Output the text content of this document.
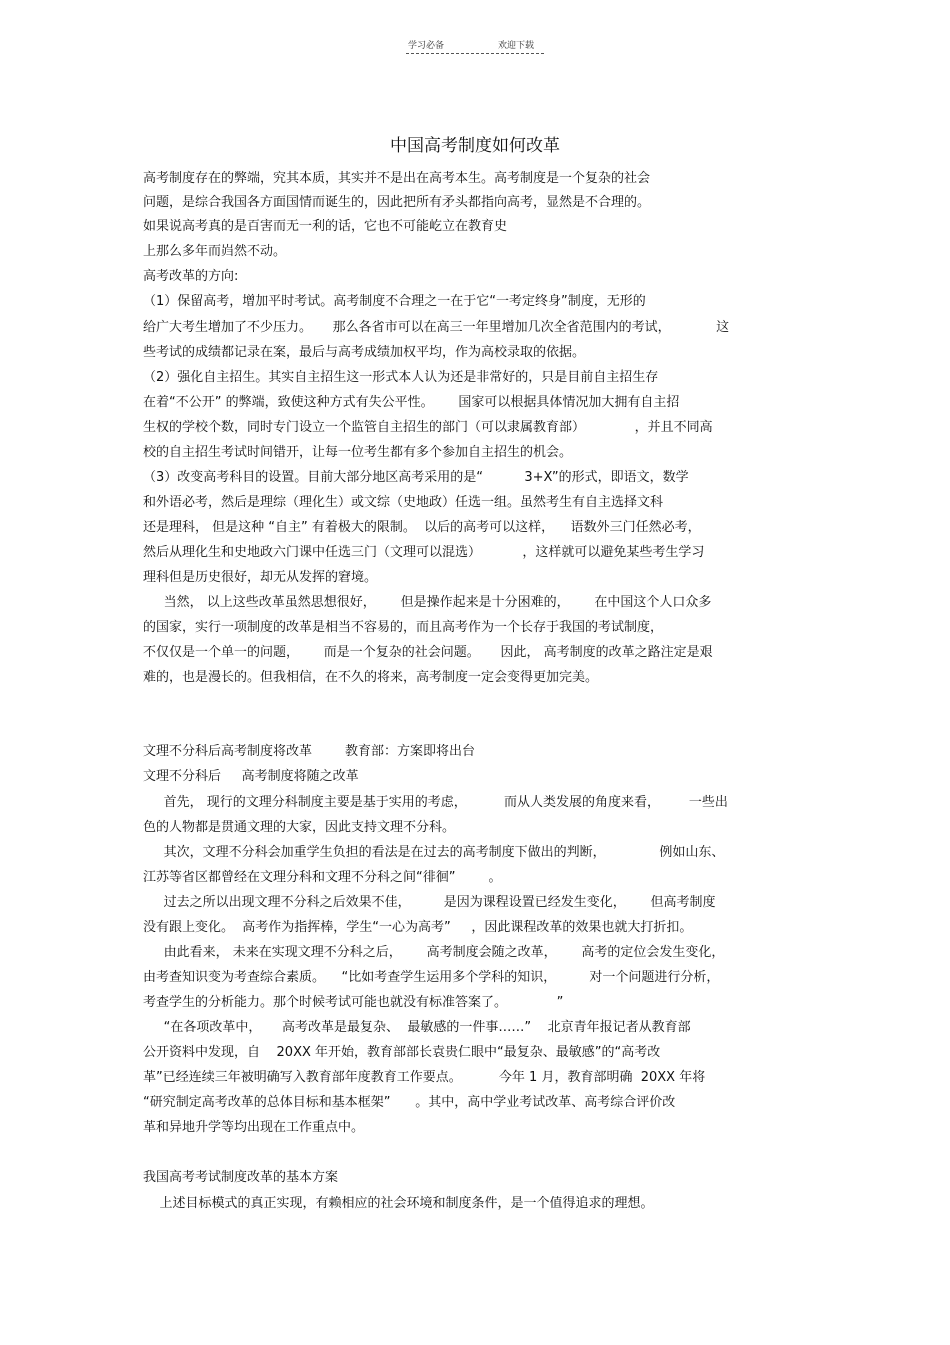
学习必备	欢迎下载
中国高考制度如何改革
高考制度存在的弊端，究其本质，其实并不是出在高考本生。高考制度是一个复杂的社会
问题，是综合我国各方面国情而诞生的，因此把所有矛头都指向高考，显然是不合理的。
如果说高考真的是百害而无一利的话，它也不可能屹立在教育史
上那么多年而岿然不动。
高考改革的方向:
（1）保留高考，增加平时考试。高考制度不合理之一在于它“一考定终身”制度，无形的
给广大考生增加了不少压力。     那么各省市可以在高三一年里增加几次全省范围内的考试，           这
些考试的成绩都记录在案，最后与高考成绩加权平均，作为高校录取的依据。
（2）强化自主招生。其实自主招生这一形式本人认为还是非常好的，只是目前自主招生存
在着“不公开” 的弊端，致使这种方式有失公平性。      国家可以根据具体情况加大拥有自主招
生权的学校个数，同时专门设立一个监管自主招生的部门（可以隶属教育部）            ，并且不同高
校的自主招生考试时间错开，让每一位考生都有多个参加自主招生的机会。
（3）改变高考科目的设置。目前大部分地区高考采用的是“          3+X”的形式，即语文，数学
和外语必考，然后是理综（理化生）或文综（史地政）任选一组。虽然考生有自主选择文科
还是理科， 但是这种 “自主” 有着极大的限制。  以后的高考可以这样，    语数外三门任然必考，
然后从理化生和史地政六门课中任选三门（文理可以混选）          ，这样就可以避免某些考生学习
理科但是历史很好，却无从发挥的窘境。
当然， 以上这些改革虽然思想很好，      但是操作起来是十分困难的，      在中国这个人口众多
的国家，实行一项制度的改革是相当不容易的，而且高考作为一个长存于我国的考试制度，
不仅仅是一个单一的问题，      而是一个复杂的社会问题。     因此， 高考制度的改革之路注定是艰
难的，也是漫长的。但我相信，在不久的将来，高考制度一定会变得更加完美。
文理不分科后高考制度将改革        教育部：方案即将出台
文理不分科后     高考制度将随之改革
首先， 现行的文理分科制度主要是基于实用的考虑，         而从人类发展的角度来看，       一些出
色的人物都是贯通文理的大家，因此支持文理不分科。
其次，文理不分科会加重学生负担的看法是在过去的高考制度下做出的判断，             例如山东、
江苏等省区都曾经在文理分科和文理不分科之间“徘徊”        。
过去之所以出现文理不分科之后效果不佳，        是因为课程设置已经发生变化，      但高考制度
没有跟上变化。  高考作为指挥棒，学生“一心为高考”     ，因此课程改革的效果也就大打折扣。
由此看来， 未来在实现文理不分科之后，      高考制度会随之改革，      高考的定位会发生变化，
由考查知识变为考查综合素质。    “比如考查学生运用多个学科的知识，        对一个问题进行分析，
考查学生的分析能力。那个时候考试可能也就没有标准答案了。            ”
“在各项改革中，     高考改革是最复杂、  最敏感的一件事……”    北京青年报记者从教育部
公开资料中发现，自    20XX 年开始，教育部部长袁贵仁眼中“最复杂、最敏感”的“高考改
革”已经连续三年被明确写入教育部年度教育工作要点。         今年 1 月，教育部明确  20XX 年将
“研究制定高考改革的总体目标和基本框架”      。其中，高中学业考试改革、高考综合评价改
革和异地升学等均出现在工作重点中。
我国高考考试制度改革的基本方案
上述目标模式的真正实现，有赖相应的社会环境和制度条件，是一个值得追求的理想。
